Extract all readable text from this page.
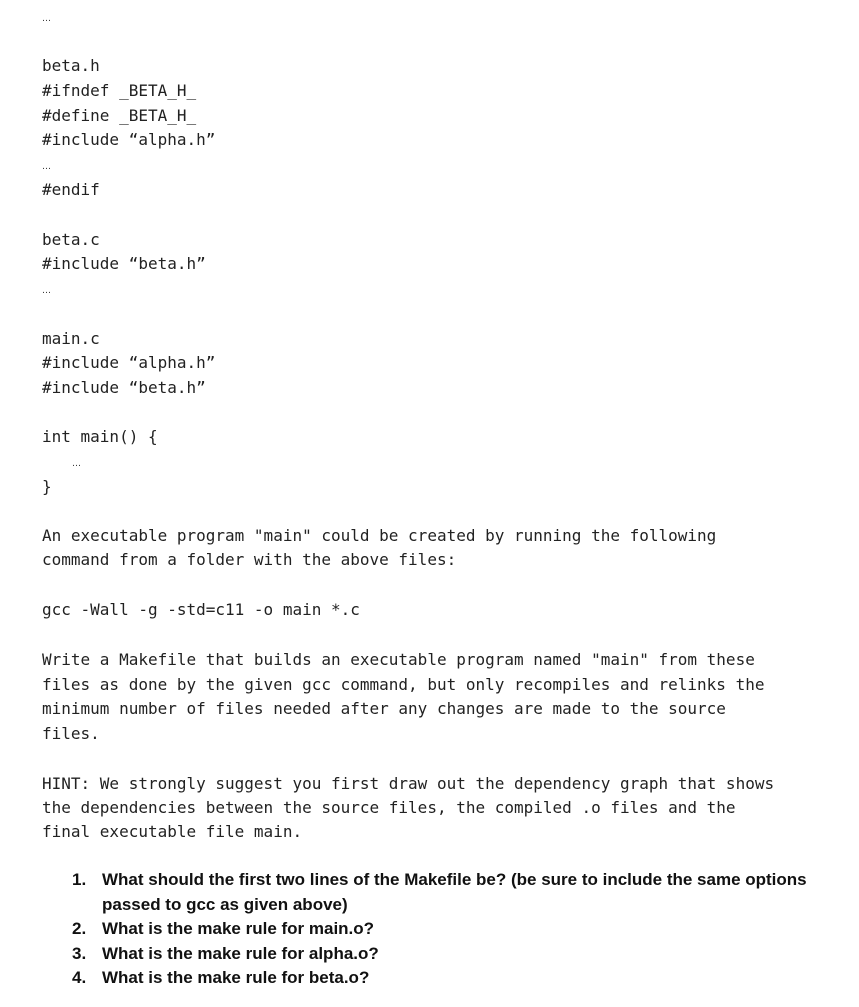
…
beta.h
#ifndef _BETA_H_
#define _BETA_H_
#include “alpha.h”
…
#endif
beta.c
#include “beta.h”
…
main.c
#include “alpha.h”
#include “beta.h”
int main() {
…
}
An executable program "main" could be created by running the following
command from a folder with the above files:
gcc -Wall -g -std=c11 -o main *.c
Write a Makefile that builds an executable program named "main" from these
files as done by the given gcc command, but only recompiles and relinks the
minimum number of files needed after any changes are made to the source
files.
HINT: We strongly suggest you first draw out the dependency graph that shows
the dependencies between the source files, the compiled .o files and the
final executable file main.
1. What should the first two lines of the Makefile be? (be sure to include the same options passed to gcc as given above)
2. What is the make rule for main.o?
3. What is the make rule for alpha.o?
4. What is the make rule for beta.o?
